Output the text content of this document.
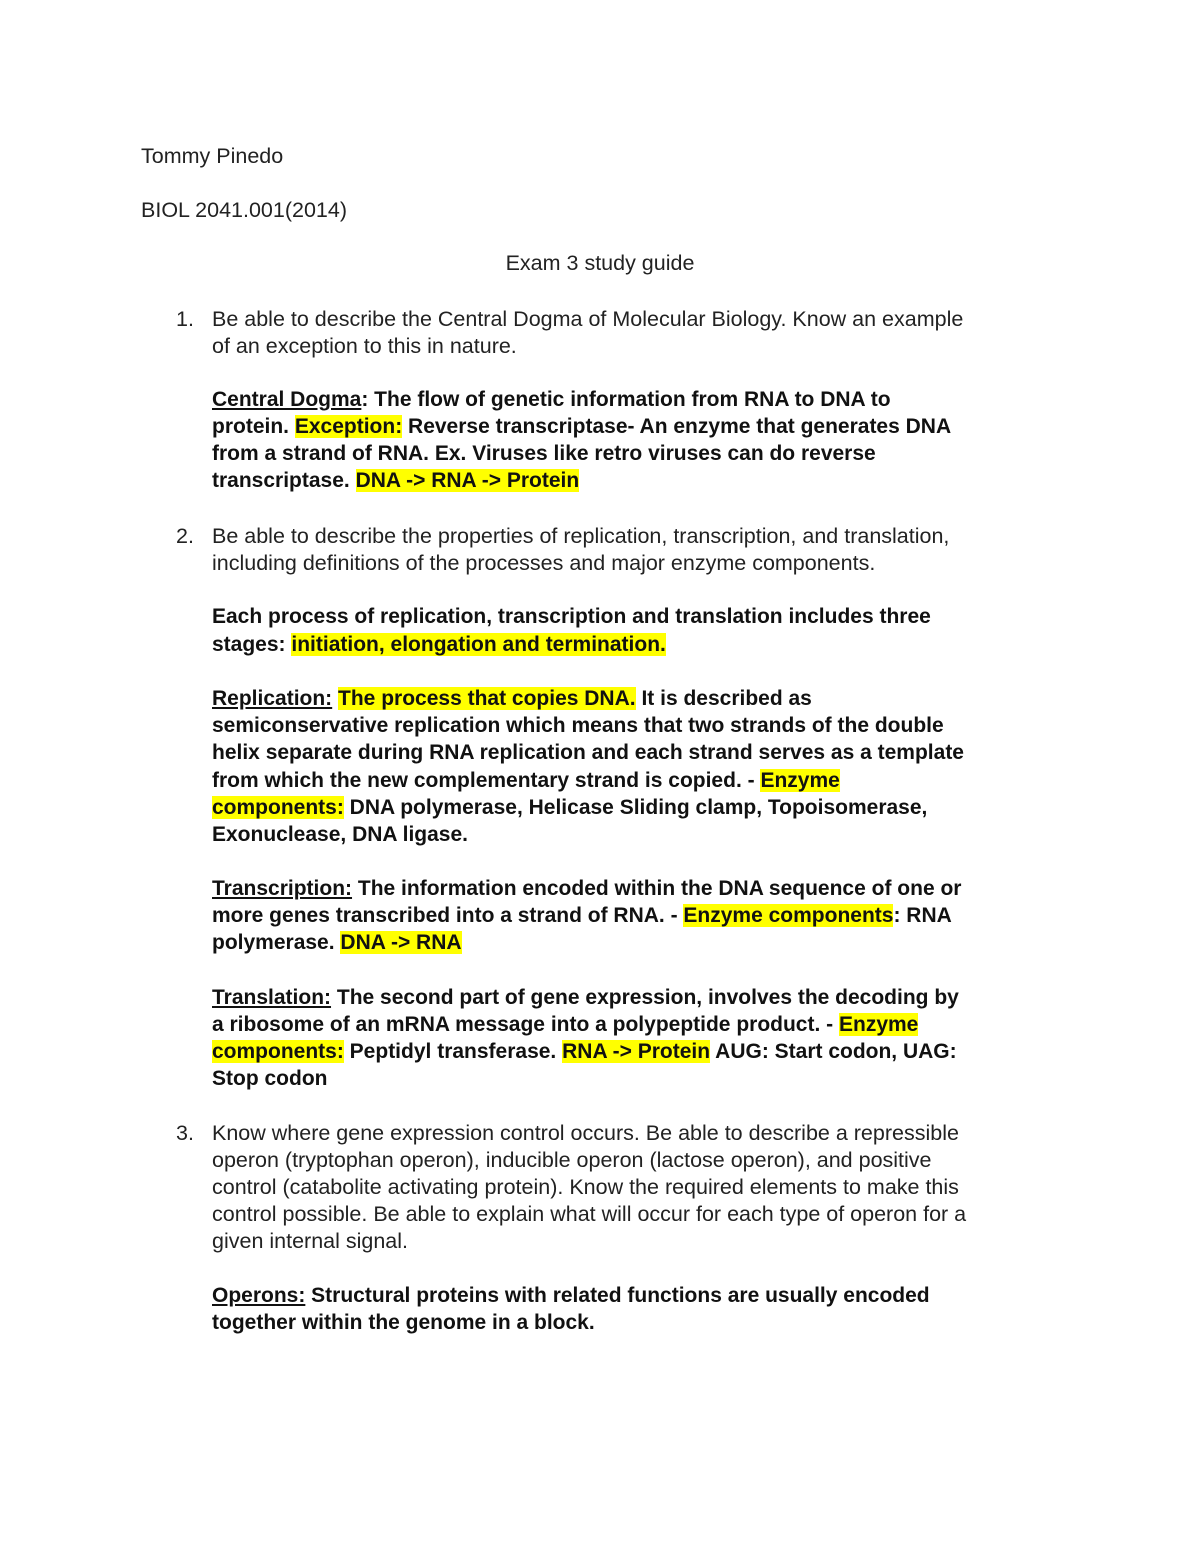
Tommy Pinedo
BIOL 2041.001(2014)
Exam 3 study guide
1. Be able to describe the Central Dogma of Molecular Biology. Know an example
of an exception to this in nature.
Central Dogma: The flow of genetic information from RNA to DNA to
protein. Exception: Reverse transcriptase- An enzyme that generates DNA
from a strand of RNA. Ex. Viruses like retro viruses can do reverse
transcriptase. DNA -> RNA -> Protein
2. Be able to describe the properties of replication, transcription, and translation,
including definitions of the processes and major enzyme components.
Each process of replication, transcription and translation includes three
stages: initiation, elongation and termination.
Replication: The process that copies DNA. It is described as
semiconservative replication which means that two strands of the double
helix separate during RNA replication and each strand serves as a template
from which the new complementary strand is copied. - Enzyme
components: DNA polymerase, Helicase Sliding clamp, Topoisomerase,
Exonuclease, DNA ligase.
Transcription: The information encoded within the DNA sequence of one or
more genes transcribed into a strand of RNA. - Enzyme components: RNA
polymerase. DNA -> RNA
Translation: The second part of gene expression, involves the decoding by
a ribosome of an mRNA message into a polypeptide product. - Enzyme
components: Peptidyl transferase. RNA -> Protein AUG: Start codon, UAG:
Stop codon
3. Know where gene expression control occurs. Be able to describe a repressible
operon (tryptophan operon), inducible operon (lactose operon), and positive
control (catabolite activating protein). Know the required elements to make this
control possible. Be able to explain what will occur for each type of operon for a
given internal signal.
Operons: Structural proteins with related functions are usually encoded
together within the genome in a block.
